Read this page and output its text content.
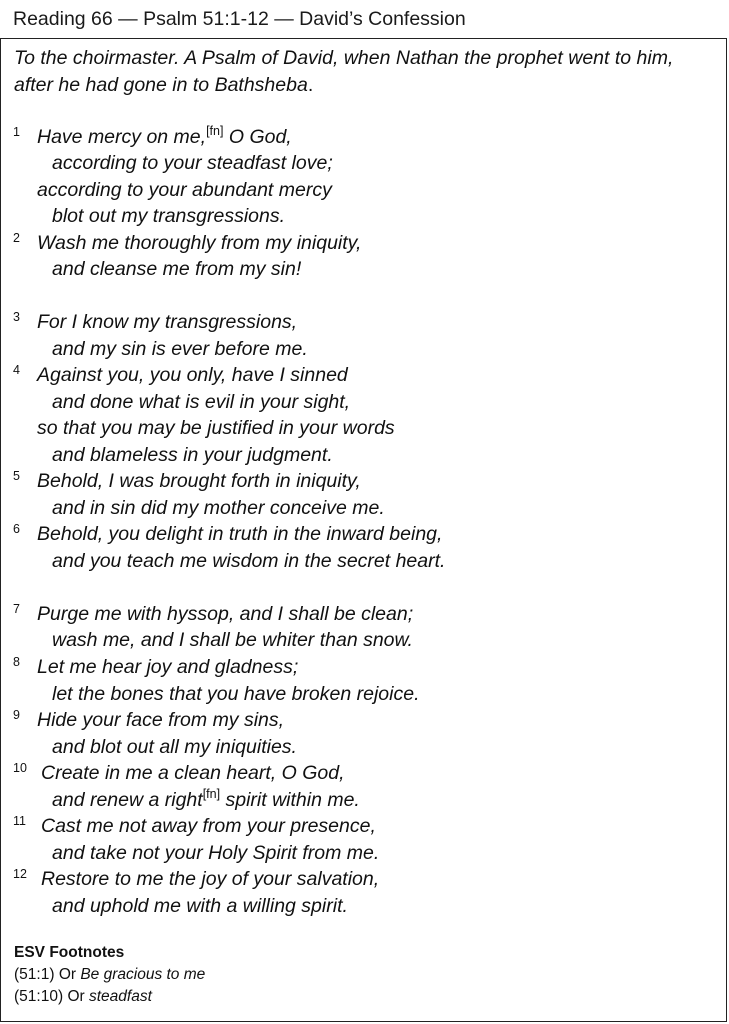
Reading 66 — Psalm 51:1-12 — David’s Confession
To the choirmaster. A Psalm of David, when Nathan the prophet went to him, after he had gone in to Bathsheba.
1 Have mercy on me,[fn] O God,
according to your steadfast love;
according to your abundant mercy
blot out my transgressions.
2 Wash me thoroughly from my iniquity,
and cleanse me from my sin!
3 For I know my transgressions,
and my sin is ever before me.
4 Against you, you only, have I sinned
and done what is evil in your sight,
so that you may be justified in your words
and blameless in your judgment.
5 Behold, I was brought forth in iniquity,
and in sin did my mother conceive me.
6 Behold, you delight in truth in the inward being,
and you teach me wisdom in the secret heart.
7 Purge me with hyssop, and I shall be clean;
wash me, and I shall be whiter than snow.
8 Let me hear joy and gladness;
let the bones that you have broken rejoice.
9 Hide your face from my sins,
and blot out all my iniquities.
10 Create in me a clean heart, O God,
and renew a right[fn] spirit within me.
11 Cast me not away from your presence,
and take not your Holy Spirit from me.
12 Restore to me the joy of your salvation,
and uphold me with a willing spirit.
ESV Footnotes
(51:1) Or Be gracious to me
(51:10) Or steadfast
